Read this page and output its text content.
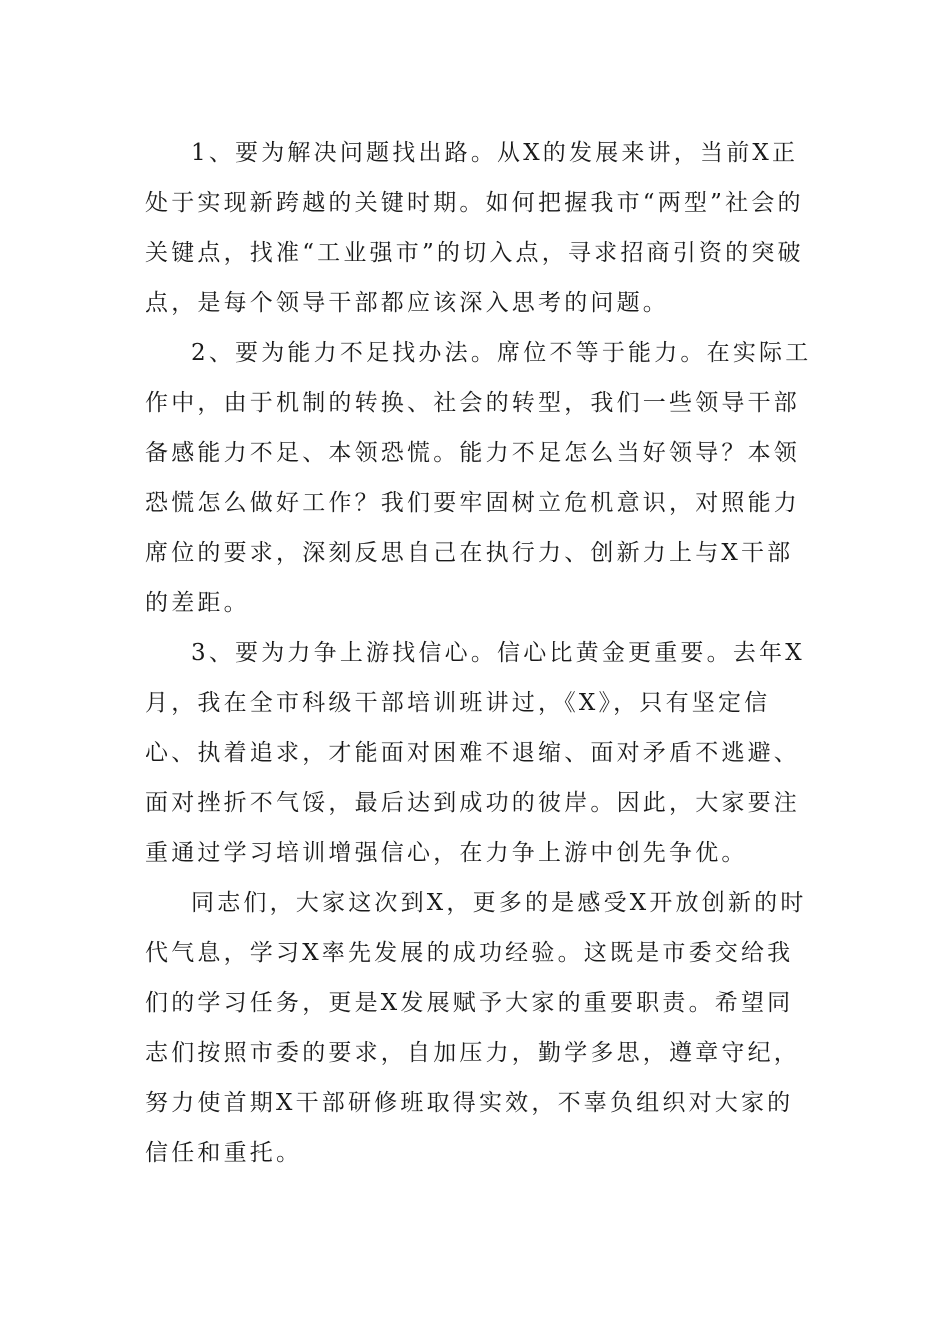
1、要为解决问题找出路。从X的发展来讲，当前X正处于实现新跨越的关键时期。如何把握我市“两型”社会的关键点，找准“工业强市”的切入点，寻求招商引资的突破点，是每个领导干部都应该深入思考的问题。

2、要为能力不足找办法。席位不等于能力。在实际工作中，由于机制的转换、社会的转型，我们一些领导干部备感能力不足、本领恐慌。能力不足怎么当好领导？本领恐慌怎么做好工作？我们要牢固树立危机意识，对照能力席位的要求，深刻反思自己在执行力、创新力上与X干部的差距。

3、要为力争上游找信心。信心比黄金更重要。去年X月，我在全市科级干部培训班讲过，《X》，只有坚定信心、执着追求，才能面对困难不退缩、面对矛盾不逃避、面对挫折不气馁，最后达到成功的彼岸。因此，大家要注重通过学习培训增强信心，在力争上游中创先争优。

同志们，大家这次到X，更多的是感受X开放创新的时代气息，学习X率先发展的成功经验。这既是市委交给我们的学习任务，更是X发展赋予大家的重要职责。希望同志们按照市委的要求，自加压力，勤学多思，遵章守纪，努力使首期X干部研修班取得实效，不辜负组织对大家的信任和重托。
